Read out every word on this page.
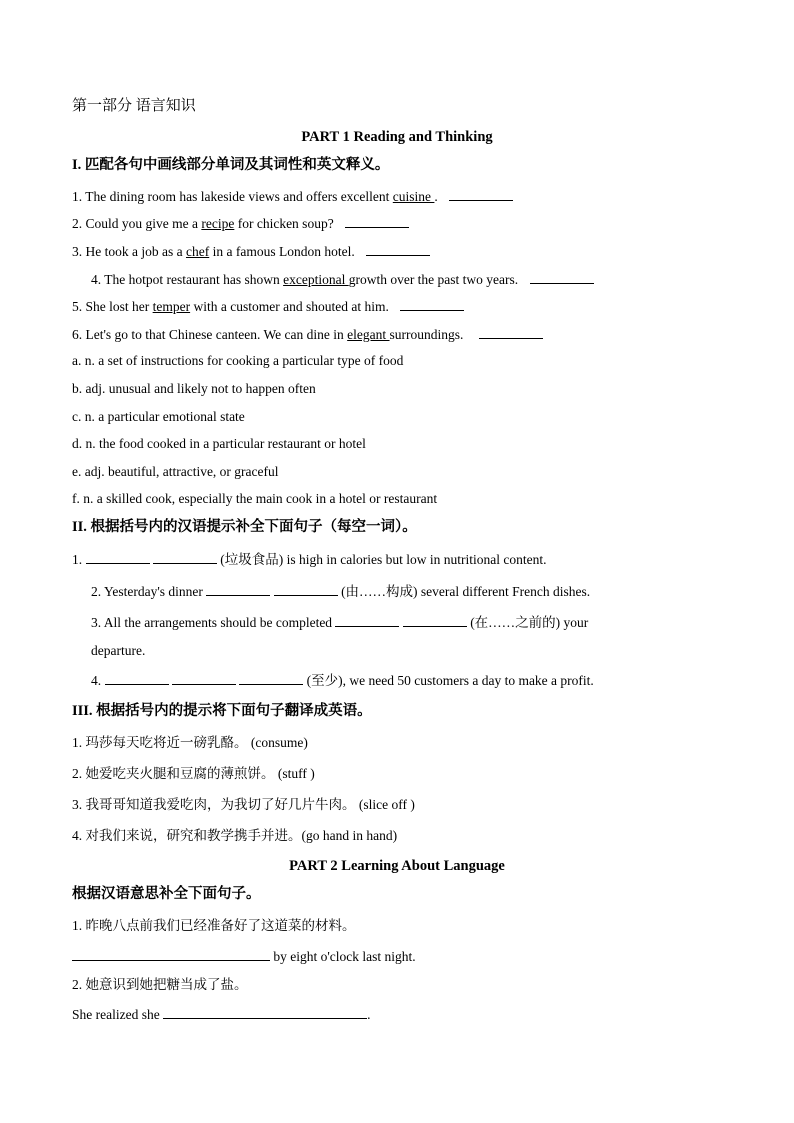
第一部分 语言知识
PART 1 Reading and Thinking
I. 匹配各句中画线部分单词及其词性和英文释义。
1. The dining room has lakeside views and offers excellent cuisine .
2. Could you give me a recipe for chicken soup?
3. He took a job as a chef in a famous London hotel.
4. The hotpot restaurant has shown exceptional growth over the past two years.
5. She lost her temper with a customer and shouted at him.
6. Let's go to that Chinese canteen. We can dine in elegant surroundings.
a. n. a set of instructions for cooking a particular type of food
b. adj. unusual and likely not to happen often
c. n. a particular emotional state
d. n. the food cooked in a particular restaurant or hotel
e. adj. beautiful, attractive, or graceful
f. n. a skilled cook, especially the main cook in a hotel or restaurant
II. 根据括号内的汉语提示补全下面句子（每空一词）。
1.	(垃圾食品) is high in calories but low in nutritional content.
2. Yesterday's dinner	(由……构成) several different French dishes.
3. All the arrangements should be completed	(在……之前的) your
departure.
4.	(至少), we need 50 customers a day to make a profit.
III. 根据括号内的提示将下面句子翻译成英语。
1. 玛莎每天吃将近一磅乳酪。 (consume)
2. 她爱吃夹火腿和豆腐的薄煎饼。 (stuff )
3. 我哥哥知道我爱吃肉，为我切了好几片牛肉。 (slice off )
4. 对我们来说，研究和教学携手并进。(go hand in hand)
PART 2 Learning About Language
根据汉语意思补全下面句子。
1. 昨晚八点前我们已经准备好了这道菜的材料。
by eight o'clock last night.
2. 她意识到她把糖当成了盐。
She realized she	.
